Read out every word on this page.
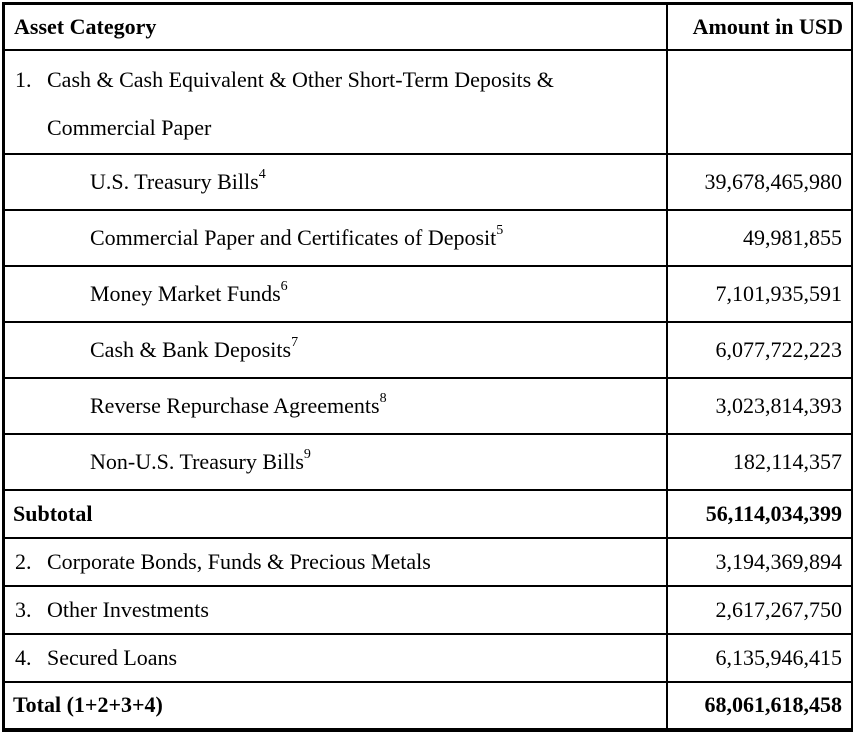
Asset Category	Amount in USD

1. Cash & Cash Equivalent & Other Short-Term Deposits & Commercial Paper	
U.S. Treasury Bills$^4$	39,678,465,980
Commercial Paper and Certificates of Deposit$^5$	49,981,855
Money Market Funds$^6$	7,101,935,591
Cash & Bank Deposits$^7$	6,077,722,223
Reverse Repurchase Agreements$^8$	3,023,814,393
Non-U.S. Treasury Bills$^9$	182,114,357
Subtotal	56,114,034,399

2. Corporate Bonds, Funds & Precious Metals	3,194,369,894

3. Other Investments	2,617,267,750

4. Secured Loans	6,135,946,415
Total (1+2+3+4)	68,061,618,458
